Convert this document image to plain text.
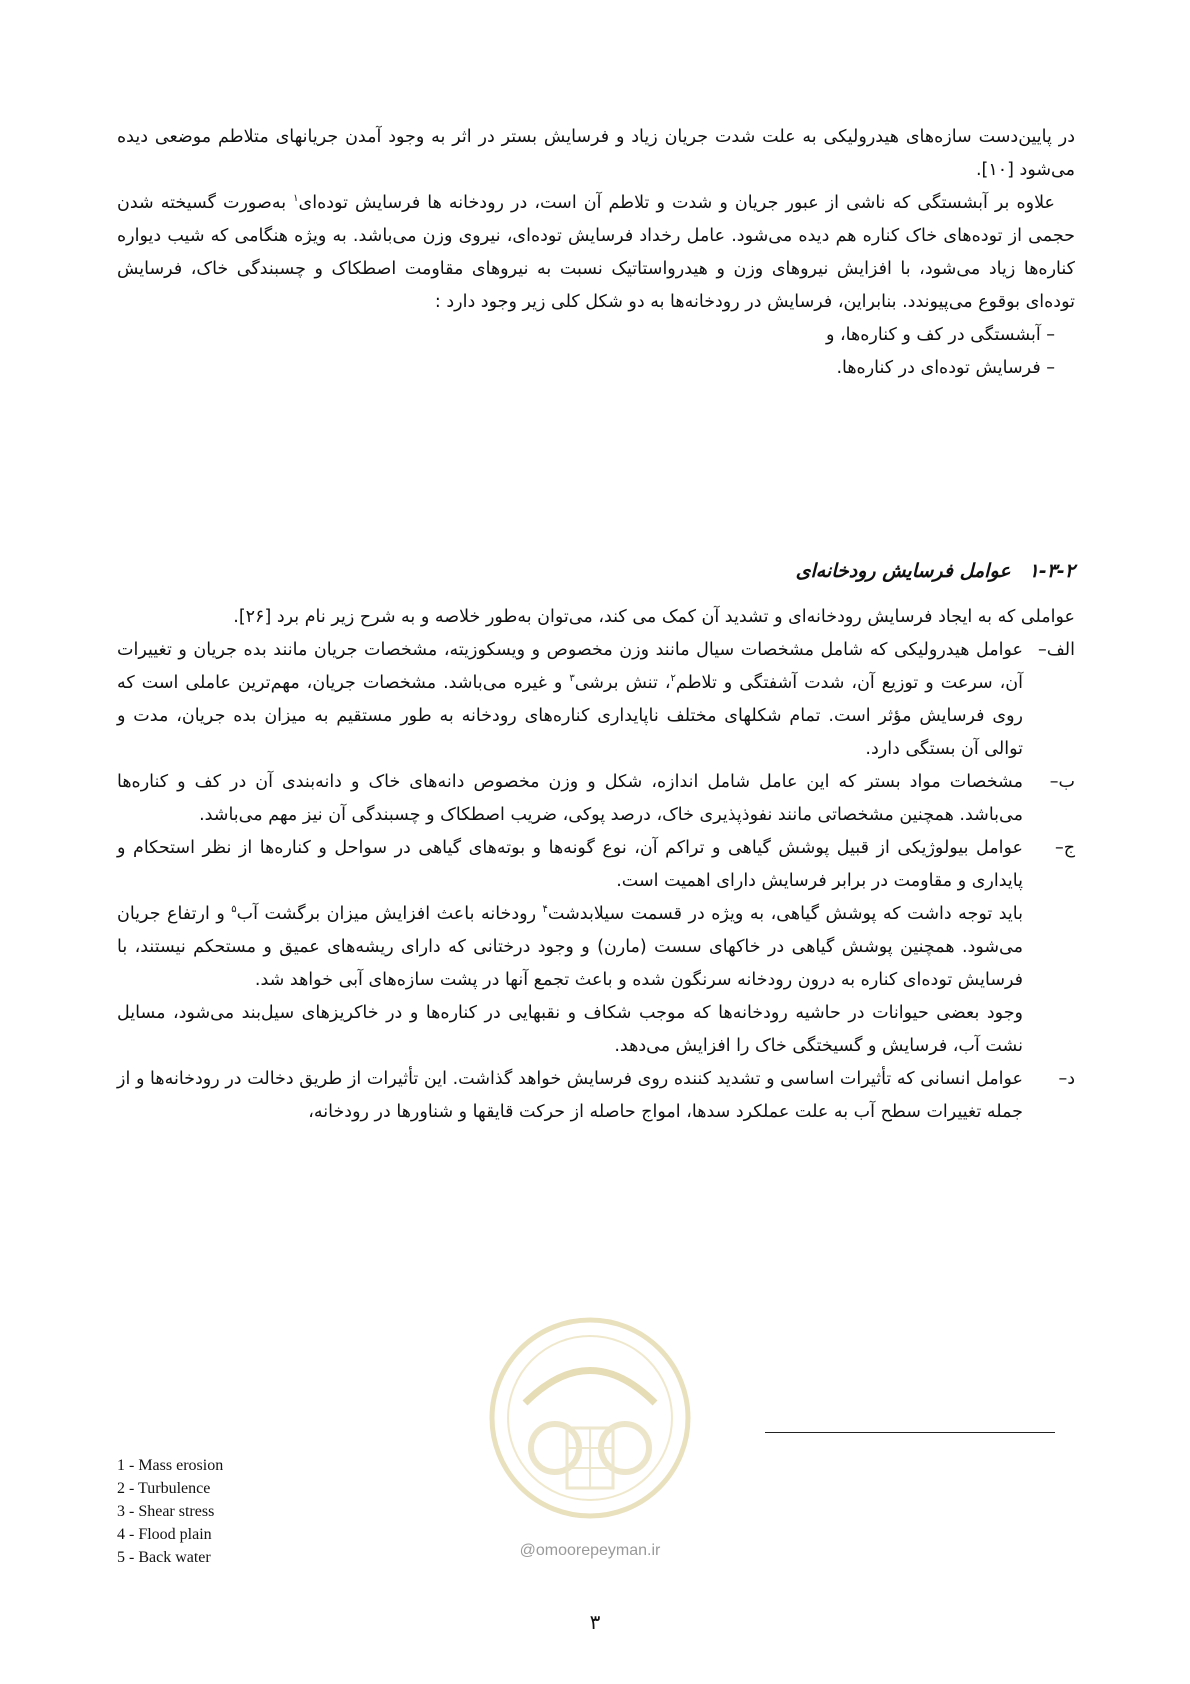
در پایین‌دست سازه‌های هیدرولیکی به علت شدت جریان زیاد و فرسایش بستر در اثر به وجود آمدن جریانهای متلاطم موضعی دیده می‌شود [۱۰].

علاوه بر آبشستگی که ناشی از عبور جریان و شدت و تلاطم آن است، در رودخانه ها فرسایش توده‌ای$^۱$ به‌صورت گسیخته شدن حجمی از توده‌های خاک کناره هم دیده می‌شود. عامل رخداد فرسایش توده‌ای، نیروی وزن می‌باشد. به ویژه هنگامی که شیب دیواره کناره‌ها زیاد می‌شود، با افزایش نیروهای وزن و هیدرواستاتیک نسبت به نیروهای مقاومت اصطکاک و چسبندگی خاک، فرسایش توده‌ای بوقوع می‌پیوندد. بنابراین، فرسایش در رودخانه‌ها به دو شکل کلی زیر وجود دارد :

– آبشستگی در کف و کناره‌ها، و

– فرسایش توده‌ای در کناره‌ها.

۱-۳-۲عوامل فرسایش رودخانه‌ای

عواملی که به ایجاد فرسایش رودخانه‌ای و تشدید آن کمک می کند، می‌توان به‌طور خلاصه و به شرح زیر نام برد [۲۶].

الف–
عوامل هیدرولیکی که شامل مشخصات سیال مانند وزن مخصوص و ویسکوزیته، مشخصات جریان مانند بده جریان و تغییرات آن، سرعت و توزیع آن، شدت آشفتگی و تلاطم$^۲$، تنش برشی$^۳$ و غیره می‌باشد. مشخصات جریان، مهم‌ترین عاملی است که روی فرسایش مؤثر است. تمام شکلهای مختلف ناپایداری کناره‌های رودخانه به طور مستقیم به میزان بده جریان، مدت و توالی آن بستگی دارد.
ب–
مشخصات مواد بستر که این عامل شامل اندازه، شکل و وزن مخصوص دانه‌های خاک و دانه‌بندی آن در کف و کناره‌ها می‌باشد. همچنین مشخصاتی مانند نفوذپذیری خاک، درصد پوکی، ضریب اصطکاک و چسبندگی آن نیز مهم می‌باشد.
ج–
عوامل بیولوژیکی از قبیل پوشش گیاهی و تراکم آن، نوع گونه‌ها و بوته‌های گیاهی در سواحل و کناره‌ها از نظر استحکام و پایداری و مقاومت در برابر فرسایش دارای اهمیت است.

باید توجه داشت که پوشش گیاهی، به ویژه در قسمت سیلابدشت$^۴$ رودخانه باعث افزایش میزان برگشت آب$^۵$ و ارتفاع جریان می‌شود. همچنین پوشش گیاهی در خاکهای سست (مارن) و وجود درختانی که دارای ریشه‌های عمیق و مستحکم نیستند، با فرسایش توده‌ای کناره به درون رودخانه سرنگون شده و باعث تجمع آنها در پشت سازه‌های آبی خواهد شد.

وجود بعضی حیوانات در حاشیه رودخانه‌ها که موجب شکاف و نقبهایی در کناره‌ها و در خاکریزهای سیل‌بند می‌شود، مسایل نشت آب، فرسایش و گسیختگی خاک را افزایش می‌دهد.

د–
عوامل انسانی که تأثیرات اساسی و تشدید کننده روی فرسایش خواهد گذاشت. این تأثیرات از طریق دخالت در رودخانه‌ها و از جمله تغییرات سطح آب به علت عملکرد سدها، امواج حاصله از حرکت قایقها و شناورها در رودخانه،
1 - Mass erosion
2 - Turbulence
3 - Shear stress
4 - Flood plain
5 - Back water	@omoorepeyman.ir
۳
